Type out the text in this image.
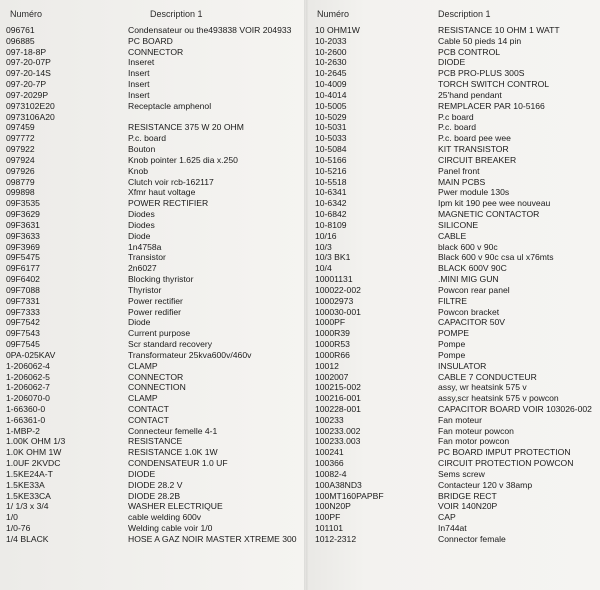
Numéro	Description 1
096761	Condensateur ou the493838 VOIR 204933
096885	PC BOARD
097-18-8P	CONNECTOR
097-20-07P	Inseret
097-20-14S	Insert
097-20-7P	Insert
097-2029P	Insert
0973102E20	Receptacle amphenol
0973106A20
097459	RESISTANCE 375 W 20 OHM
097772	P.c. board
097922	Bouton
097924	Knob pointer 1.625 dia x.250
097926	Knob
098779	Clutch voir rcb-162117
099898	Xfmr haut voltage
09F3535	POWER RECTIFIER
09F3629	Diodes
09F3631	Diodes
09F3633	Diode
09F3969	1n4758a
09F5475	Transistor
09F6177	2n6027
09F6402	Blocking thyristor
09F7088	Thyristor
09F7331	Power rectifier
09F7333	Power redifier
09F7542	Diode
09F7543	Current purpose
09F7545	Scr standard recovery
0PA-025KAV	Transformateur 25kva600v/460v
1-206062-4	CLAMP
1-206062-5	CONNECTOR
1-206062-7	CONNECTION
1-206070-0	CLAMP
1-66360-0	CONTACT
1-66361-0	CONTACT
1-MBP-2	Connecteur femelle 4-1
1.00K OHM 1/3	RESISTANCE
1.0K OHM 1W	RESISTANCE 1.0K 1W
1.0UF 2KVDC	CONDENSATEUR 1.0 UF
1.5KE24A-T	DIODE
1.5KE33A	DIODE 28.2 V
1.5KE33CA	DIODE 28.2B
1/ 1/3 x 3/4	WASHER ELECTRIQUE
1/0	cable welding 600v
1/0-76	Welding cable voir 1/0
1/4 BLACK	HOSE A GAZ NOIR MASTER XTREME 300
Numéro	Description 1
10 OHM1W	RESISTANCE 10 OHM 1 WATT
10-2033	Cable 50 pieds 14 pin
10-2600	PCB CONTROL
10-2630	DIODE
10-2645	PCB PRO-PLUS 300S
10-4009	TORCH SWITCH CONTROL
10-4014	25'hand pendant
10-5005	REMPLACER PAR 10-5166
10-5029	P.c board
10-5031	P.c. board
10-5033	P.c. board pee wee
10-5084	KIT TRANSISTOR
10-5166	CIRCUIT BREAKER
10-5216	Panel front
10-5518	MAIN PCBS
10-6341	Pwer module 130s
10-6342	Ipm kit 190 pee wee nouveau
10-6842	MAGNETIC CONTACTOR
10-8109	SILICONE
10/16	CABLE
10/3	black 600 v 90c
10/3 BK1	Black 600 v 90c csa ul x76mts
10/4	BLACK 600V 90C
10001131	.MINI MIG GUN
100022-002	Powcon rear panel
10002973	FILTRE
100030-001	Powcon bracket
1000PF	CAPACITOR 50V
1000R39	POMPE
1000R53	Pompe
1000R66	Pompe
10012	INSULATOR
1002007	CABLE 7 CONDUCTEUR
100215-002	assy, wr heatsink 575 v
100216-001	assy,scr heatsink 575 v powcon
100228-001	CAPACITOR BOARD VOIR 103026-002
100233	Fan moteur
100233.002	Fan moteur powcon
100233.003	Fan motor powcon
100241	PC BOARD IMPUT PROTECTION
100366	CIRCUIT PROTECTION POWCON
10082-4	Sems screw
100A38ND3	Contacteur 120 v 38amp
100MT160PAPBF	BRIDGE RECT
100N20P	VOIR 140N20P
100PF	CAP
101101	In744at
1012-2312	Connector female
